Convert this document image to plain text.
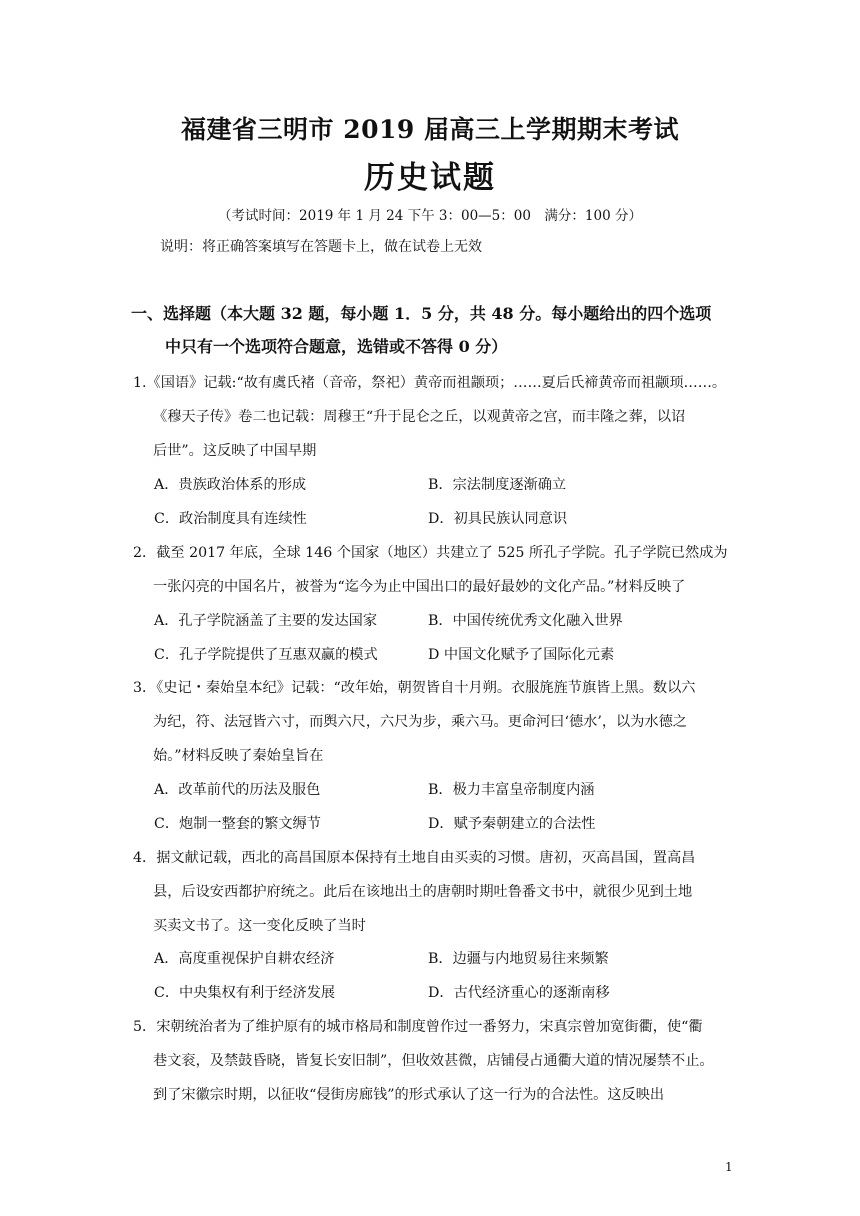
福建省三明市 2019 届高三上学期期末考试
历史试题
（考试时间：2019 年 1 月 24 下午 3：00—5：00　满分：100 分）
说明：将正确答案填写在答题卡上，做在试卷上无效
一、选择题（本大题 32 题，每小题 1．5 分，共 48 分。每小题给出的四个选项
中只有一个选项符合题意，选错或不答得 0 分）
1.《国语》记载:“故有虞氏褚（音帝，祭祀）黄帝而祖颛顼；……夏后氏褅黄帝而祖颛顼……。
《穆天子传》卷二也记载：周穆王“升于昆仑之丘，以观黄帝之宫，而丰隆之葬，以诏
后世”。这反映了中国早期
A．贵族政治体系的形成	B．宗法制度逐渐确立
C．政治制度具有连续性	D．初具民族认同意识
2．截至 2017 年底，全球 146 个国家（地区）共建立了 525 所孔子学院。孔子学院已然成为
一张闪亮的中国名片，被誉为“迄今为止中国出口的最好最妙的文化产品。”材料反映了
A．孔子学院涵盖了主要的发达国家	B．中国传统优秀文化融入世界
C．孔子学院提供了互惠双赢的模式	D 中国文化赋予了国际化元素
3．《史记・秦始皇本纪》记载：“改年始，朝贺皆自十月朔。衣服旄旌节旗皆上黑。数以六
为纪，符、法冠皆六寸，而舆六尺，六尺为步，乘六马。更命河曰‘德水’，以为水德之
始。”材料反映了秦始皇旨在
A．改革前代的历法及服色	B．极力丰富皇帝制度内涵
C．炮制一整套的繁文缛节	D．赋予秦朝建立的合法性
4．据文献记载，西北的高昌国原本保持有土地自由买卖的习惯。唐初，灭高昌国，置高昌
县，后设安西都护府统之。此后在该地出土的唐朝时期吐鲁番文书中，就很少见到土地
买卖文书了。这一变化反映了当时
A．高度重视保护自耕农经济	B．边疆与内地贸易往来频繁
C．中央集权有利于经济发展	D．古代经济重心的逐渐南移
5．宋朝统治者为了维护原有的城市格局和制度曾作过一番努力，宋真宗曾加宽街衢，使“衢
巷文衮，及禁鼓昏晓，皆复长安旧制”，但收效甚微，店铺侵占通衢大道的情况屡禁不止。
到了宋徽宗时期，以征收“侵街房廊钱”的形式承认了这一行为的合法性。这反映出
1
